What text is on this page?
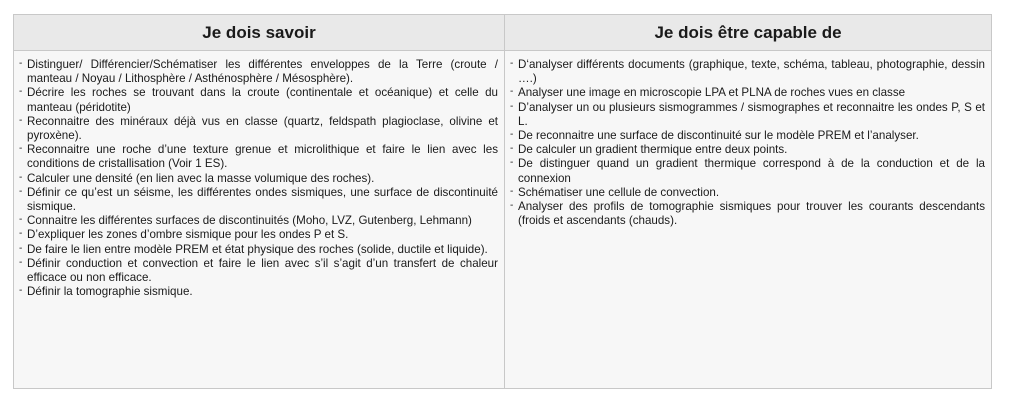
Je dois savoir	Je dois être capable de
- Distinguer/ Différencier/Schématiser les différentes enveloppes de la Terre (croute / manteau / Noyau / Lithosphère / Asthénosphère / Mésosphère).
- Décrire les roches se trouvant dans la croute (continentale et océanique) et celle du manteau (péridotite)
- Reconnaitre des minéraux déjà vus en classe (quartz, feldspath plagioclase, olivine et pyroxène).
- Reconnaitre une roche d’une texture grenue et microlithique et faire le lien avec les conditions de cristallisation (Voir 1 ES).
- Calculer une densité (en lien avec la masse volumique des roches).
- Définir ce qu’est un séisme, les différentes ondes sismiques, une surface de discontinuité sismique.
- Connaitre les différentes surfaces de discontinuités (Moho, LVZ, Gutenberg, Lehmann)
- D’expliquer les zones d’ombre sismique pour les ondes P et S.
- De faire le lien entre modèle PREM et état physique des roches (solide, ductile et liquide).
- Définir conduction et convection et faire le lien avec s’il s’agit d’un transfert de chaleur efficace ou non efficace.
- Définir la tomographie sismique.
- D‘analyser différents documents (graphique, texte, schéma, tableau, photographie, dessin ….)
- Analyser une image en microscopie LPA et PLNA de roches vues en classe
- D’analyser un ou plusieurs sismogrammes / sismographes et reconnaitre les ondes P, S et L.
- De reconnaitre une surface de discontinuité sur le modèle PREM et l’analyser.
- De calculer un gradient thermique entre deux points.
- De distinguer quand un gradient thermique correspond à de la conduction et de la connexion
- Schématiser une cellule de convection.
- Analyser des profils de tomographie sismiques pour trouver les courants descendants (froids et ascendants (chauds).
